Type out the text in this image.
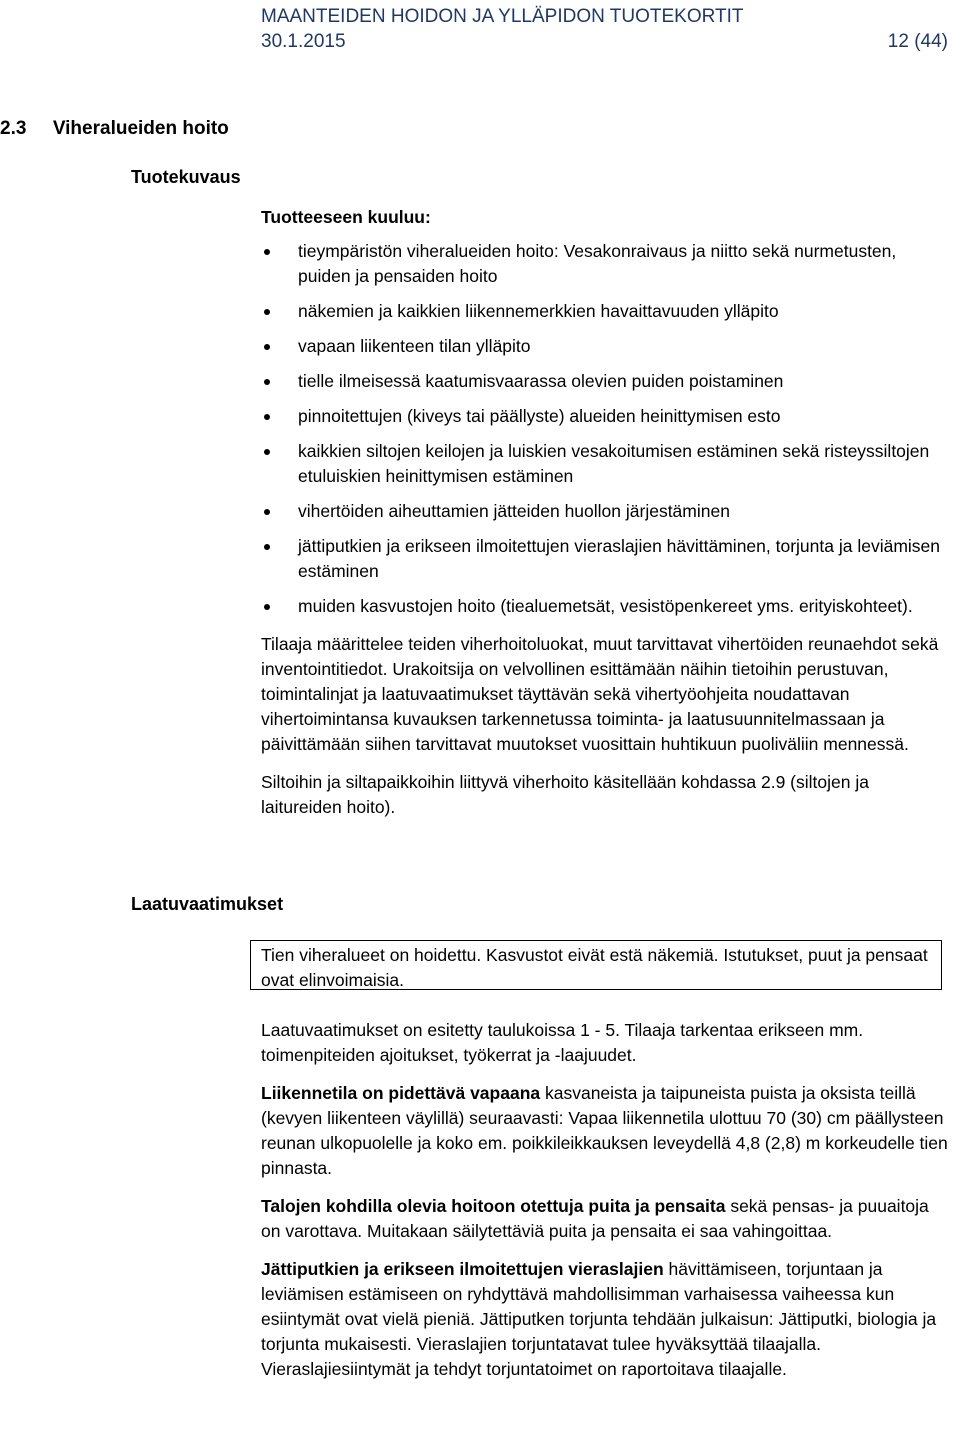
MAANTEIDEN HOIDON JA YLLÄPIDON TUOTEKORTIT
30.1.2015	12 (44)
2.3 Viheralueiden hoito
Tuotekuvaus
Tuotteeseen kuuluu:
tieympäristön viheralueiden hoito: Vesakonraivaus ja niitto sekä nurmetusten, puiden ja pensaiden hoito
näkemien ja kaikkien liikennemerkkien havaittavuuden ylläpito
vapaan liikenteen tilan ylläpito
tielle ilmeisessä kaatumisvaarassa olevien puiden poistaminen
pinnoitettujen (kiveys tai päällyste) alueiden heinittymisen esto
kaikkien siltojen keilojen ja luiskien vesakoitumisen estäminen sekä risteyssiltojen etuluiskien heinittymisen estäminen
vihertöiden aiheuttamien jätteiden huollon järjestäminen
jättiputkien ja erikseen ilmoitettujen vieraslajien hävittäminen, torjunta ja leviämisen estäminen
muiden kasvustojen hoito (tiealuemetsät, vesistöpenkereet yms. erityiskohteet).

Tilaaja määrittelee teiden viherhoitoluokat, muut tarvittavat vihertöiden reunaehdot sekä inventointitiedot. Urakoitsija on velvollinen esittämään näihin tietoihin perustuvan, toimintalinjat ja laatuvaatimukset täyttävän sekä vihertyöohjeita noudattavan vihertoimintansa kuvauksen tarkennetussa toiminta- ja laatusuunnitelmassaan ja päivittämään siihen tarvittavat muutokset vuosittain huhtikuun puoliväliin mennessä.

Siltoihin ja siltapaikkoihin liittyvä viherhoito käsitellään kohdassa 2.9 (siltojen ja laitureiden hoito).

Laatuvaatimukset
Tien viheralueet on hoidettu. Kasvustot eivät estä näkemiä. Istutukset, puut ja pensaat ovat elinvoimaisia.

Laatuvaatimukset on esitetty taulukoissa 1 - 5. Tilaaja tarkentaa erikseen mm. toimenpiteiden ajoitukset, työkerrat ja -laajuudet.

Liikennetila on pidettävä vapaana kasvaneista ja taipuneista puista ja oksista teillä (kevyen liikenteen väylillä) seuraavasti: Vapaa liikennetila ulottuu 70 (30) cm päällysteen reunan ulkopuolelle ja koko em. poikkileikkauksen leveydellä 4,8 (2,8) m korkeudelle tien pinnasta.

Talojen kohdilla olevia hoitoon otettuja puita ja pensaita sekä pensas- ja puuaitoja on varottava. Muitakaan säilytettäviä puita ja pensaita ei saa vahingoittaa.

Jättiputkien ja erikseen ilmoitettujen vieraslajien hävittämiseen, torjuntaan ja leviämisen estämiseen on ryhdyttävä mahdollisimman varhaisessa vaiheessa kun esiintymät ovat vielä pieniä. Jättiputken torjunta tehdään julkaisun: Jättiputki, biologia ja torjunta mukaisesti. Vieraslajien torjuntatavat tulee hyväksyttää tilaajalla. Vieraslajiesiintymät ja tehdyt torjuntatoimet on raportoitava tilaajalle.
